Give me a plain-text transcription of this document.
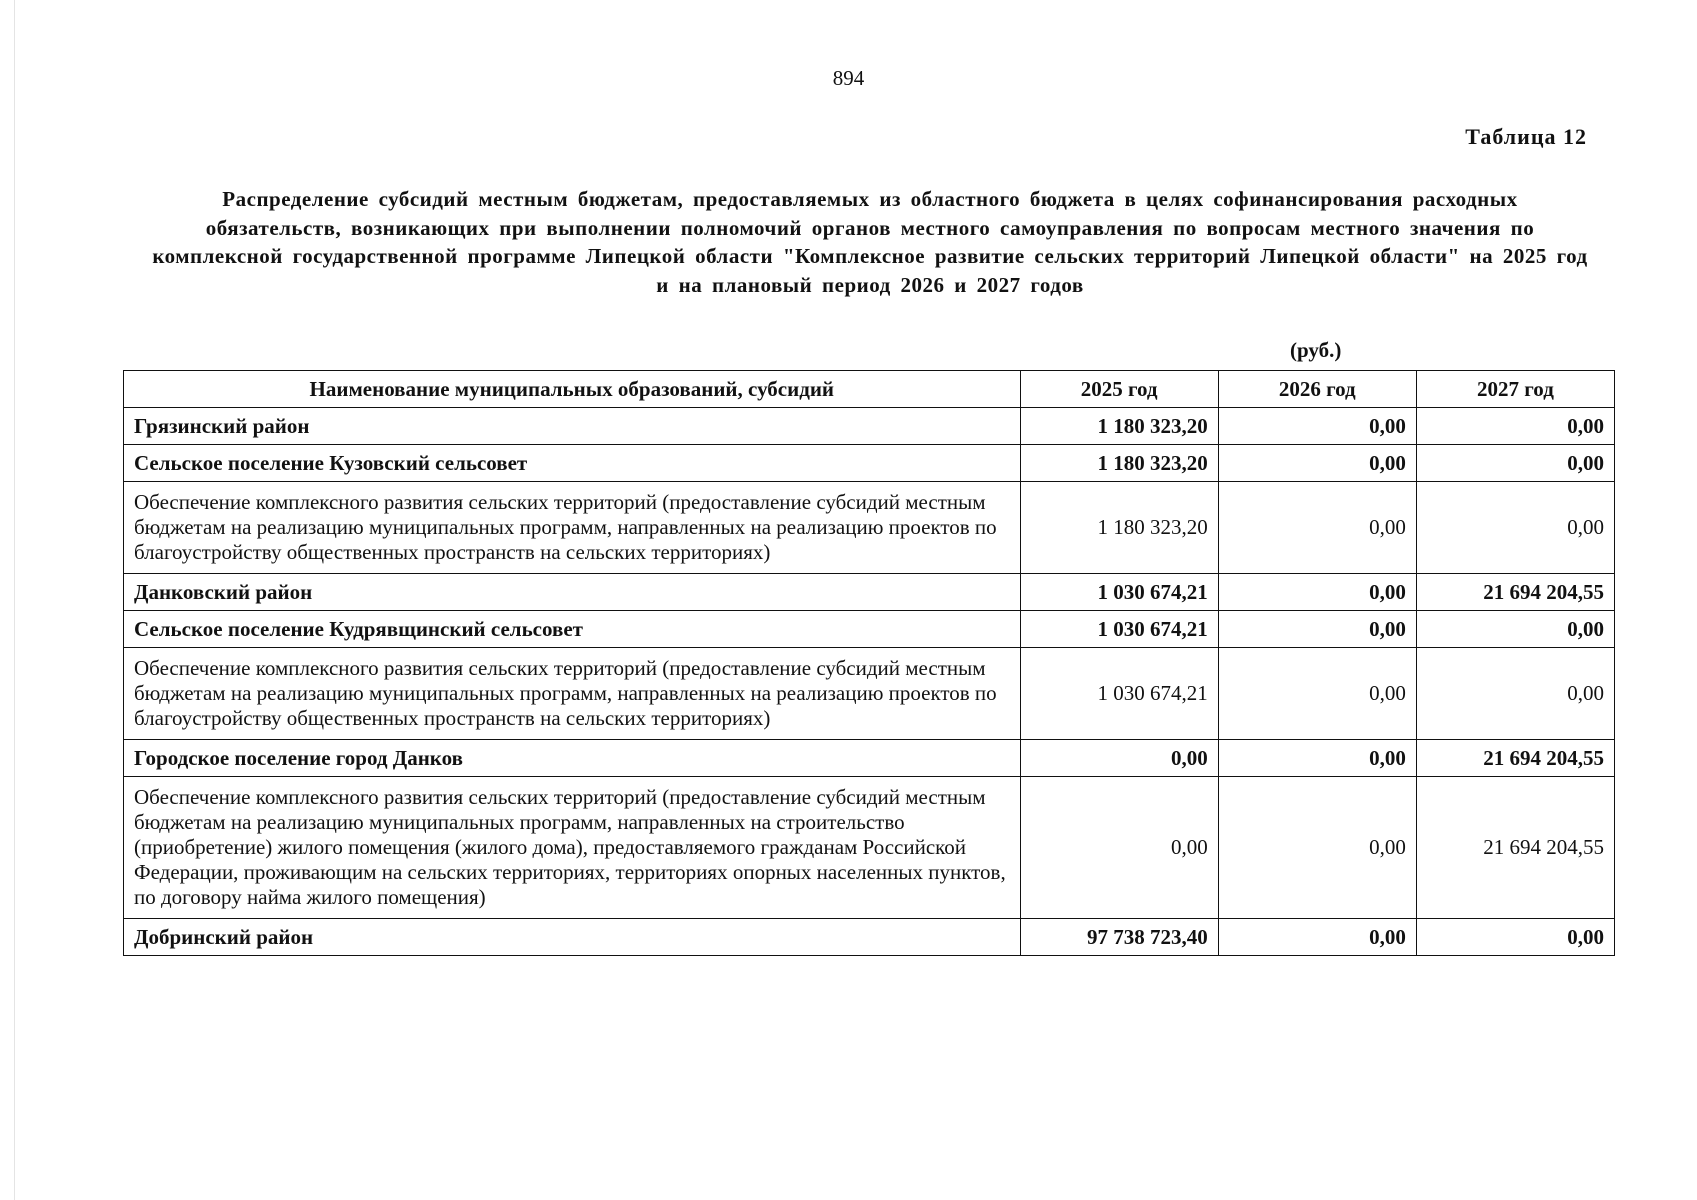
894
Таблица 12
Распределение субсидий местным бюджетам, предоставляемых из областного бюджета в целях софинансирования расходных обязательств, возникающих при выполнении полномочий органов местного самоуправления по вопросам местного значения по комплексной государственной программе Липецкой области "Комплексное развитие сельских территорий Липецкой области" на 2025 год и на плановый период 2026 и 2027 годов
(руб.)
Наименование муниципальных образований, субсидий	2025 год	2026 год	2027 год
Грязинский район	1 180 323,20	0,00	0,00
Сельское поселение Кузовский сельсовет	1 180 323,20	0,00	0,00
Обеспечение комплексного развития сельских территорий (предоставление субсидий местным бюджетам на реализацию муниципальных программ, направленных на реализацию проектов по благоустройству общественных пространств на сельских территориях)	1 180 323,20	0,00	0,00
Данковский район	1 030 674,21	0,00	21 694 204,55
Сельское поселение Кудрявщинский сельсовет	1 030 674,21	0,00	0,00
Обеспечение комплексного развития сельских территорий (предоставление субсидий местным бюджетам на реализацию муниципальных программ, направленных на реализацию проектов по благоустройству общественных пространств на сельских территориях)	1 030 674,21	0,00	0,00
Городское поселение город Данков	0,00	0,00	21 694 204,55
Обеспечение комплексного развития сельских территорий (предоставление субсидий местным бюджетам на реализацию муниципальных программ, направленных на строительство (приобретение) жилого помещения (жилого дома), предоставляемого гражданам Российской Федерации, проживающим на сельских территориях, территориях опорных населенных пунктов, по договору найма жилого помещения)	0,00	0,00	21 694 204,55
Добринский район	97 738 723,40	0,00	0,00
